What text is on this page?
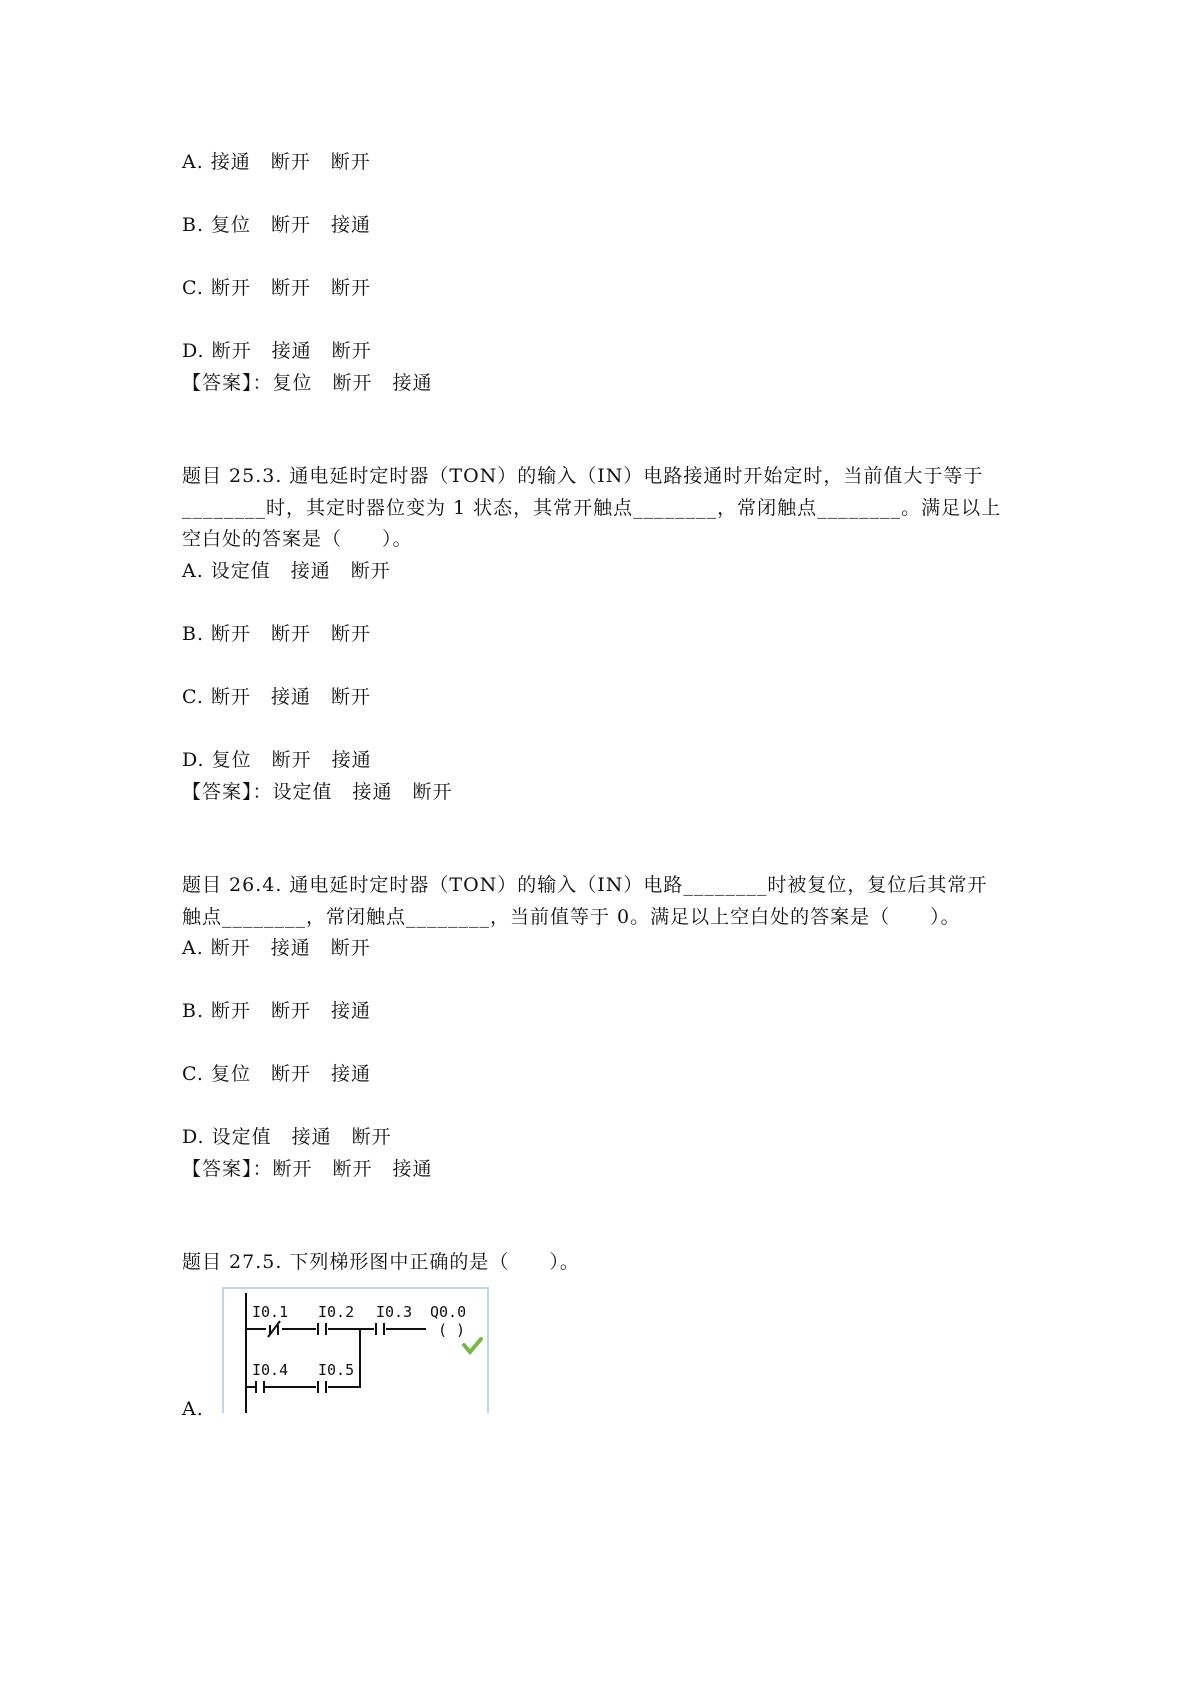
A. 接通　断开　断开
B. 复位　断开　接通
C. 断开　断开　断开
D. 断开　接通　断开
【答案】：复位　断开　接通
题目 25.3. 通电延时定时器（TON）的输入（IN）电路接通时开始定时，当前值大于等于
________时，其定时器位变为 1 状态，其常开触点________，常闭触点________。满足以上
空白处的答案是（　　）。
A. 设定值　接通　断开
B. 断开　断开　断开
C. 断开　接通　断开
D. 复位　断开　接通
【答案】：设定值　接通　断开
题目 26.4. 通电延时定时器（TON）的输入（IN）电路________时被复位，复位后其常开
触点________，常闭触点________，当前值等于 0。满足以上空白处的答案是（　　）。
A. 断开　接通　断开
B. 断开　断开　接通
C. 复位　断开　接通
D. 设定值　接通　断开
【答案】：断开　断开　接通
题目 27.5. 下列梯形图中正确的是（　　）。
A.
I0.1 I0.2 I0.3 Q0.0
( )
I0.4 I0.5
